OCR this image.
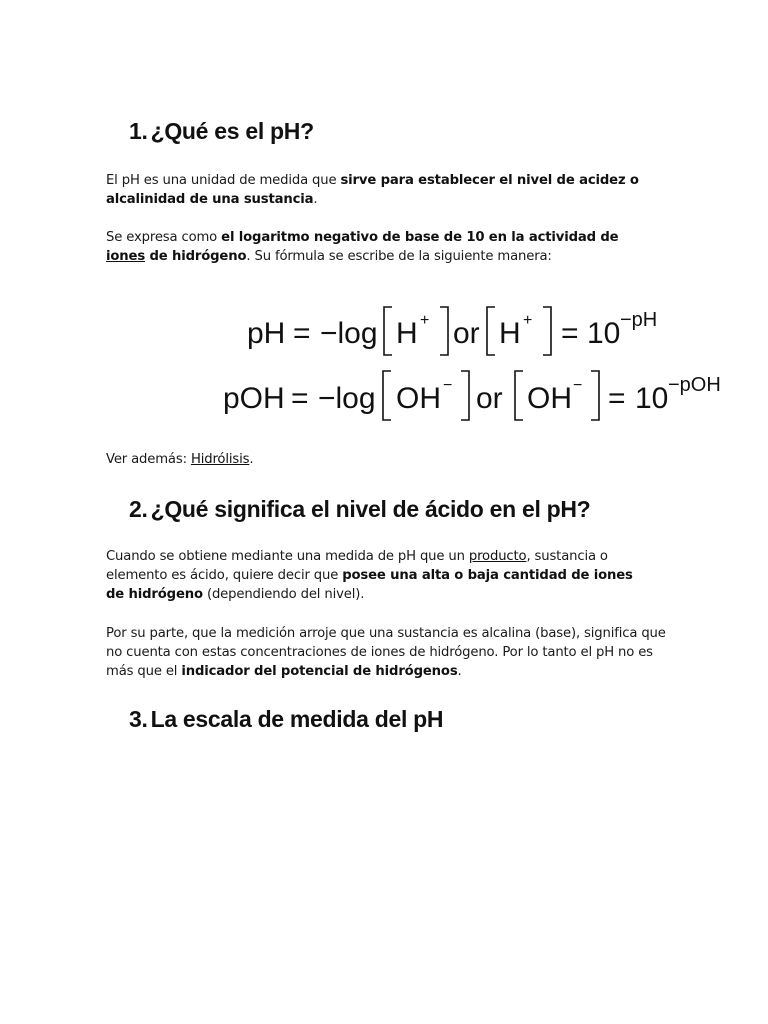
1. ¿Qué es el pH?

El pH es una unidad de medida que sirve para establecer el nivel de acidez o alcalinidad de una sustancia.

Se expresa como el logaritmo negativo de base de 10 en la actividad de iones de hidrógeno. Su fórmula se escribe de la siguiente manera:

pH = −log H + or H + = 10 −pH
pOH = −log OH − or OH − = 10 −pOH

Ver además: Hidrólisis.

2. ¿Qué significa el nivel de ácido en el pH?

Cuando se obtiene mediante una medida de pH que un producto, sustancia o elemento es ácido, quiere decir que posee una alta o baja cantidad de iones de hidrógeno (dependiendo del nivel).

Por su parte, que la medición arroje que una sustancia es alcalina (base), significa que no cuenta con estas concentraciones de iones de hidrógeno. Por lo tanto el pH no es más que el indicador del potencial de hidrógenos.

3. La escala de medida del pH
